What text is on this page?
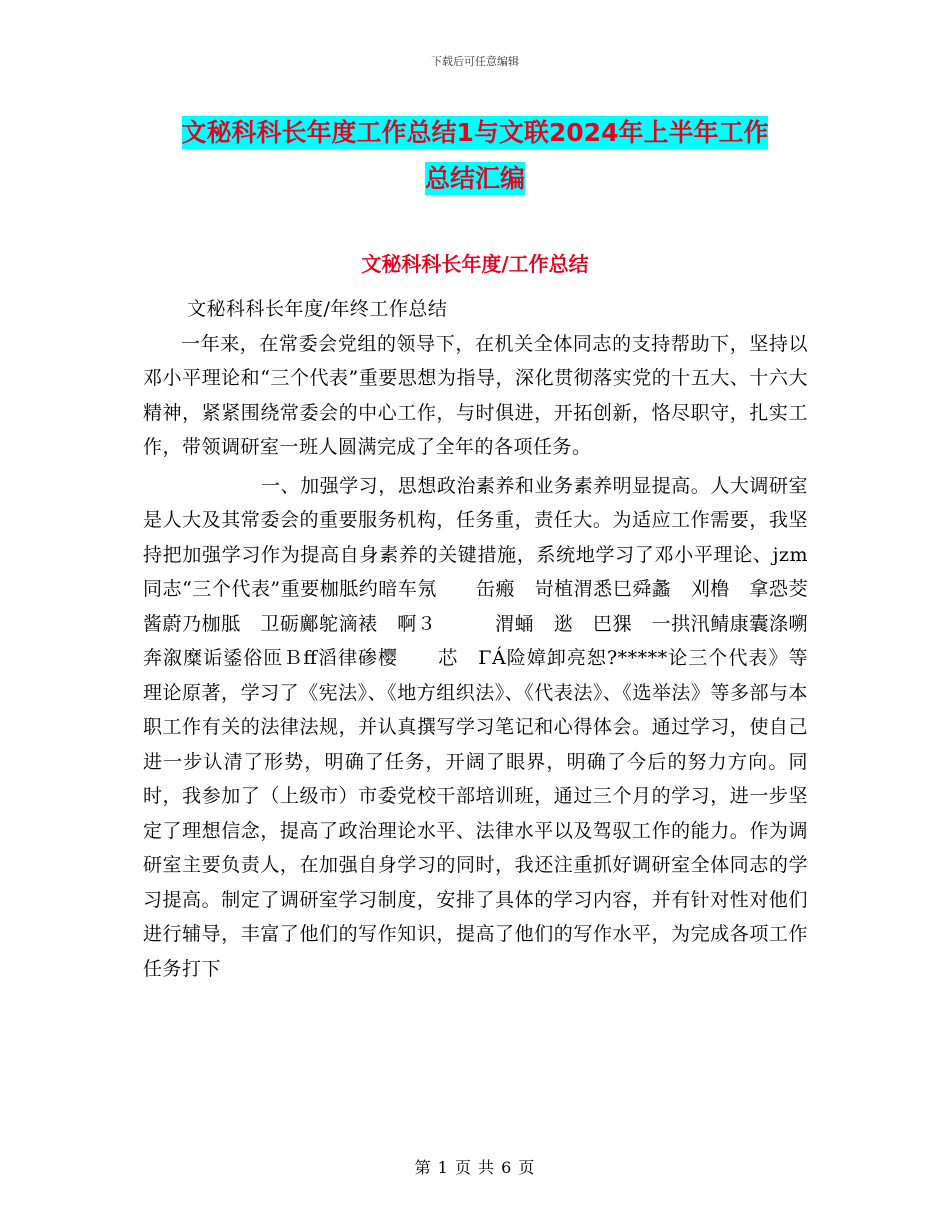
下载后可任意编辑
文秘科科长年度工作总结1与文联2024年上半年工作
总结汇编
文秘科科长年度/工作总结

文秘科科长年度/年终工作总结

一年来，在常委会党组的领导下，在机关全体同志的支持帮助下，坚持以邓小平理论和“三个代表”重要思想为指导，深化贯彻落实党的十五大、十六大精神，紧紧围绕常委会的中心工作，与时俱进，开拓创新，恪尽职守，扎实工作，带领调研室一班人圆满完成了全年的各项任务。

一、加强学习，思想政治素养和业务素养明显提高。人大调研室是人大及其常委会的重要服务机构，任务重，责任大。为适应工作需要，我坚持把加强学习作为提高自身素养的关键措施，系统地学习了邓小平理论、jzm同志“三个代表”重要枷胝约暗车氖　　缶瘢　岢植渭悉巳舜蠡　刈橹　拿恐茭酱蔚乃枷胝　卫砺鄺鸵滴裱　啊３　　　渭蛹　逖　巴猓　一拱汛鲭康囊涤嗍奔溆糜诟鋈俗匝Ｂﬀ滔律碜樱　　芯　ΓÁ险嫜卸亮恕?*****论三个代表》等理论原著，学习了《宪法》、《地方组织法》、《代表法》、《选举法》等多部与本职工作有关的法律法规，并认真撰写学习笔记和心得体会。通过学习，使自己进一步认清了形势，明确了任务，开阔了眼界，明确了今后的努力方向。同时，我参加了（上级市）市委党校干部培训班，通过三个月的学习，进一步坚定了理想信念，提高了政治理论水平、法律水平以及驾驭工作的能力。作为调研室主要负责人，在加强自身学习的同时，我还注重抓好调研室全体同志的学习提高。制定了调研室学习制度，安排了具体的学习内容，并有针对性对他们进行辅导，丰富了他们的写作知识，提高了他们的写作水平，为完成各项工作任务打下

第 1 页 共 6 页
